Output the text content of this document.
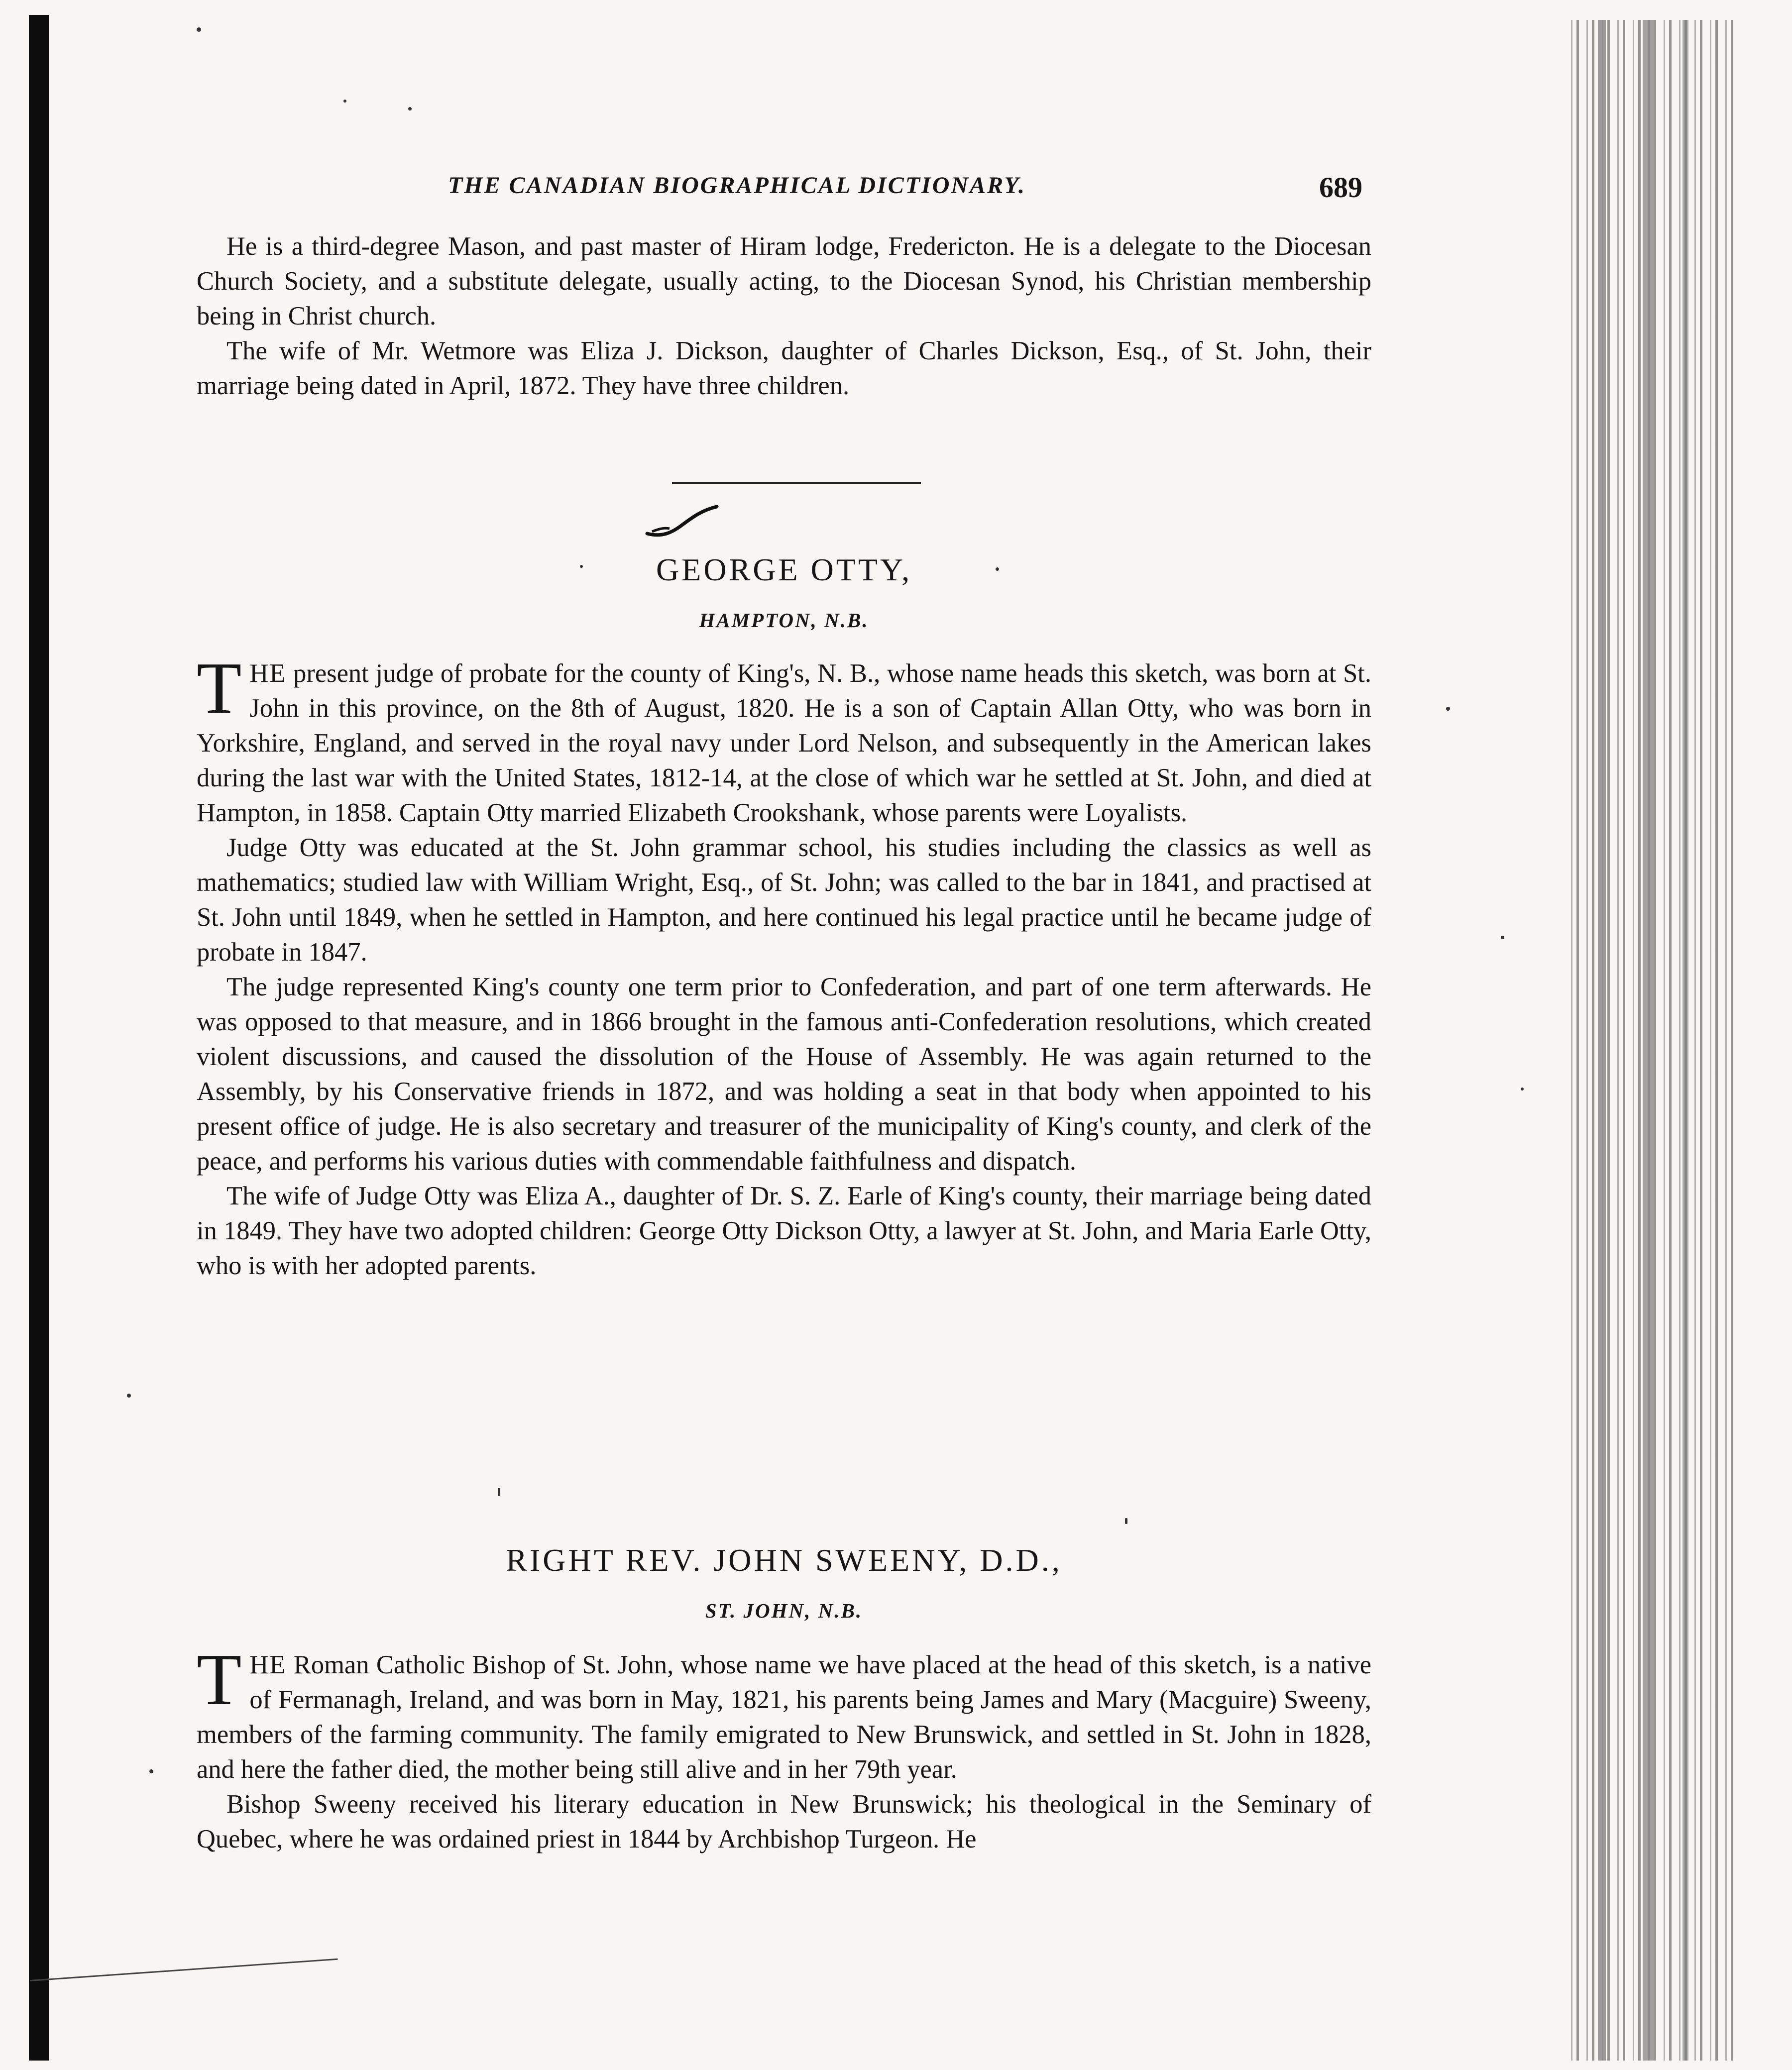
THE CANADIAN BIOGRAPHICAL DICTIONARY.	689

He is a third-degree Mason, and past master of Hiram lodge, Fredericton. He is a delegate to the Diocesan Church Society, and a substitute delegate, usually acting, to the Diocesan Synod, his Christian membership being in Christ church.

The wife of Mr. Wetmore was Eliza J. Dickson, daughter of Charles Dickson, Esq., of St. John, their marriage being dated in April, 1872. They have three children.

GEORGE OTTY,
HAMPTON, N.B.

THE present judge of probate for the county of King's, N. B., whose name heads this sketch, was born at St. John in this province, on the 8th of August, 1820. He is a son of Captain Allan Otty, who was born in Yorkshire, England, and served in the royal navy under Lord Nelson, and subsequently in the American lakes during the last war with the United States, 1812-14, at the close of which war he settled at St. John, and died at Hampton, in 1858. Captain Otty married Elizabeth Crookshank, whose parents were Loyalists.

Judge Otty was educated at the St. John grammar school, his studies including the classics as well as mathematics; studied law with William Wright, Esq., of St. John; was called to the bar in 1841, and practised at St. John until 1849, when he settled in Hampton, and here continued his legal practice until he became judge of probate in 1847.

The judge represented King's county one term prior to Confederation, and part of one term afterwards. He was opposed to that measure, and in 1866 brought in the famous anti-Confederation resolutions, which created violent discussions, and caused the dissolution of the House of Assembly. He was again returned to the Assembly, by his Conservative friends in 1872, and was holding a seat in that body when appointed to his present office of judge. He is also secretary and treasurer of the municipality of King's county, and clerk of the peace, and performs his various duties with commendable faithfulness and dispatch.

The wife of Judge Otty was Eliza A., daughter of Dr. S. Z. Earle of King's county, their marriage being dated in 1849. They have two adopted children: George Otty Dickson Otty, a lawyer at St. John, and Maria Earle Otty, who is with her adopted parents.

RIGHT REV. JOHN SWEENY, D.D.,
ST. JOHN, N.B.

THE Roman Catholic Bishop of St. John, whose name we have placed at the head of this sketch, is a native of Fermanagh, Ireland, and was born in May, 1821, his parents being James and Mary (Macguire) Sweeny, members of the farming community. The family emigrated to New Brunswick, and settled in St. John in 1828, and here the father died, the mother being still alive and in her 79th year.

Bishop Sweeny received his literary education in New Brunswick; his theological in the Seminary of Quebec, where he was ordained priest in 1844 by Archbishop Turgeon. He
